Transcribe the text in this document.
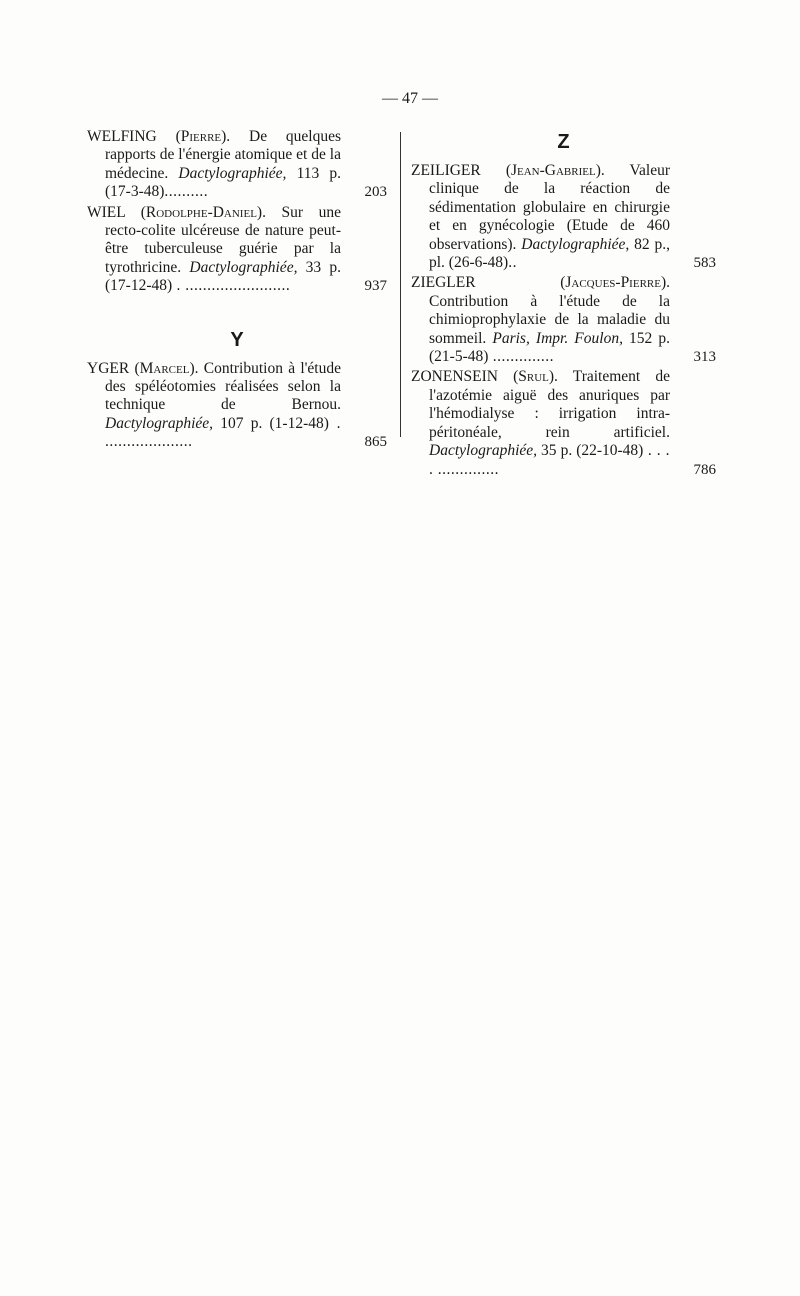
— 47 —
WELFING (Pierre). De quelques rapports de l'énergie atomique et de la médecine. Dactylographiée, 113 p. (17-3-48)..........	203
WIEL (Rodolphe-Daniel). Sur une recto-colite ulcéreuse de nature peut-être tuberculeuse guérie par la tyrothricine. Dactylographiée, 33 p. (17-12-48) . ........................	937
Y
YGER (Marcel). Contribution à l'étude des spéléotomies réalisées selon la technique de Bernou. Dactylographiée, 107 p. (1-12-48) . ....................	865
Z
ZEILIGER (Jean-Gabriel). Valeur clinique de la réaction de sédimentation globulaire en chirurgie et en gynécologie (Etude de 460 observations). Dactylographiée, 82 p., pl. (26-6-48)..	583
ZIEGLER	(Jacques-Pierre). Contribution à l'étude de la chimioprophylaxie de la maladie du sommeil. Paris, Impr. Foulon, 152 p. (21-5-48) ..............	313
ZONENSEIN (Srul). Traitement de l'azotémie aiguë des anuriques par l'hémodialyse : irrigation intra-péritonéale, rein artificiel. Dactylographiée, 35 p. (22-10-48) . . . . ..............	786
